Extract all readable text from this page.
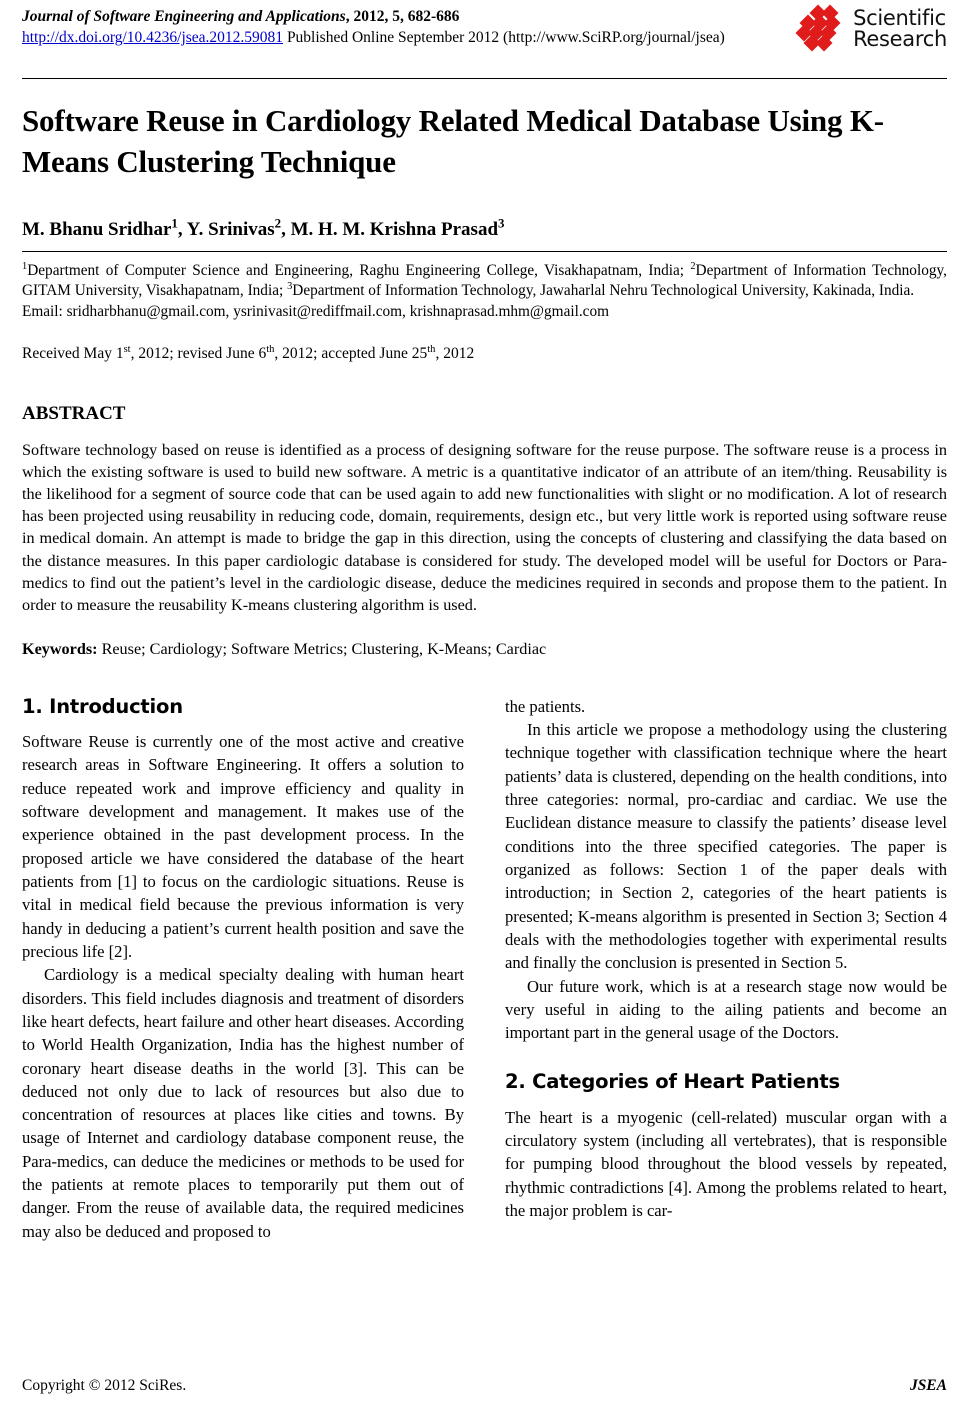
Journal of Software Engineering and Applications, 2012, 5, 682-686
http://dx.doi.org/10.4236/jsea.2012.59081 Published Online September 2012 (http://www.SciRP.org/journal/jsea)
Scientific
Research
Software Reuse in Cardiology Related Medical Database Using K-Means Clustering Technique
M. Bhanu Sridhar$^1$, Y. Srinivas$^2$, M. H. M. Krishna Prasad$^3$
$^1$Department of Computer Science and Engineering, Raghu Engineering College, Visakhapatnam, India; $^2$Department of Information Technology, GITAM University, Visakhapatnam, India; $^3$Department of Information Technology, Jawaharlal Nehru Technological University, Kakinada, India.
Email: sridharbhanu@gmail.com, ysrinivasit@rediffmail.com, krishnaprasad.mhm@gmail.com
Received May 1st, 2012; revised June 6th, 2012; accepted June 25th, 2012
ABSTRACT

Software technology based on reuse is identified as a process of designing software for the reuse purpose. The software reuse is a process in which the existing software is used to build new software. A metric is a quantitative indicator of an attribute of an item/thing. Reusability is the likelihood for a segment of source code that can be used again to add new functionalities with slight or no modification. A lot of research has been projected using reusability in reducing code, domain, requirements, design etc., but very little work is reported using software reuse in medical domain. An attempt is made to bridge the gap in this direction, using the concepts of clustering and classifying the data based on the distance measures. In this paper cardiologic database is considered for study. The developed model will be useful for Doctors or Para-medics to find out the patient’s level in the cardiologic disease, deduce the medicines required in seconds and propose them to the patient. In order to measure the reusability K-means clustering algorithm is used.

Keywords: Reuse; Cardiology; Software Metrics; Clustering, K-Means; Cardiac

1. Introduction

Software Reuse is currently one of the most active and creative research areas in Software Engineering. It offers a solution to reduce repeated work and improve efficiency and quality in software development and management. It makes use of the experience obtained in the past development process. In the proposed article we have considered the database of the heart patients from [1] to focus on the cardiologic situations. Reuse is vital in medical field because the previous information is very handy in deducing a patient’s current health position and save the precious life [2].

Cardiology is a medical specialty dealing with human heart disorders. This field includes diagnosis and treatment of disorders like heart defects, heart failure and other heart diseases. According to World Health Organization, India has the highest number of coronary heart disease deaths in the world [3]. This can be deduced not only due to lack of resources but also due to concentration of resources at places like cities and towns. By usage of Internet and cardiology database component reuse, the Para-medics, can deduce the medicines or methods to be used for the patients at remote places to temporarily put them out of danger. From the reuse of available data, the required medicines may also be deduced and proposed to

the patients.

In this article we propose a methodology using the clustering technique together with classification technique where the heart patients’ data is clustered, depending on the health conditions, into three categories: normal, pro-cardiac and cardiac. We use the Euclidean distance measure to classify the patients’ disease level conditions into the three specified categories. The paper is organized as follows: Section 1 of the paper deals with introduction; in Section 2, categories of the heart patients is presented; K-means algorithm is presented in Section 3; Section 4 deals with the methodologies together with experimental results and finally the conclusion is presented in Section 5.

Our future work, which is at a research stage now would be very useful in aiding to the ailing patients and become an important part in the general usage of the Doctors.

2. Categories of Heart Patients

The heart is a myogenic (cell-related) muscular organ with a circulatory system (including all vertebrates), that is responsible for pumping blood throughout the blood vessels by repeated, rhythmic contradictions [4]. Among the problems related to heart, the major problem is car-

Copyright © 2012 SciRes.	JSEA
